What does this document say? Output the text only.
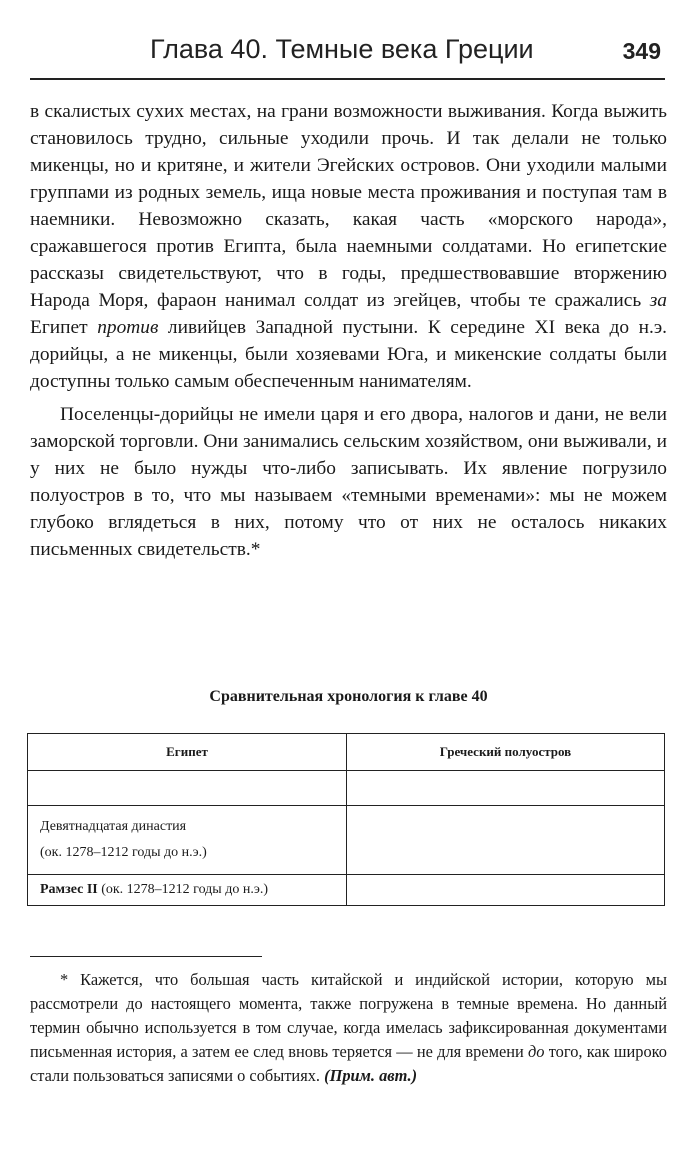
Глава 40. Темные века Греции	349

в скалистых сухих местах, на грани возможности выживания. Когда выжить становилось трудно, сильные уходили прочь. И так делали не только микенцы, но и критяне, и жители Эгейских островов. Они уходили малыми группами из родных земель, ища новые места проживания и поступая там в наемники. Невозможно сказать, какая часть «морского народа», сражавшегося против Египта, была наемными солдатами. Но египетские рассказы свидетельствуют, что в годы, предшествовавшие вторжению Народа Моря, фараон нанимал солдат из эгейцев, чтобы те сражались за Египет против ливийцев Западной пустыни. К середине XI века до н.э. дорийцы, а не микенцы, были хозяевами Юга, и микенские солдаты были доступны только самым обеспеченным нанимателям.

Поселенцы-дорийцы не имели царя и его двора, налогов и дани, не вели заморской торговли. Они занимались сельским хозяйством, они выживали, и у них не было нужды что-либо записывать. Их явление погрузило полуостров в то, что мы называем «темными временами»: мы не можем глубоко вглядеться в них, потому что от них не осталось никаких письменных свидетельств.*

Сравнительная хронология к главе 40
Египет	Греческий полуостров

Девятнадцатая династия
(ок. 1278–1212 годы до н.э.)	

Рамзес II (ок. 1278–1212 годы до н.э.)	
* Кажется, что большая часть китайской и индийской истории, которую мы рассмотрели до настоящего момента, также погружена в темные времена. Но данный термин обычно используется в том случае, когда имелась зафиксированная документами письменная история, а затем ее след вновь теряется — не для времени до того, как широко стали пользоваться записями о событиях. (Прим. авт.)
